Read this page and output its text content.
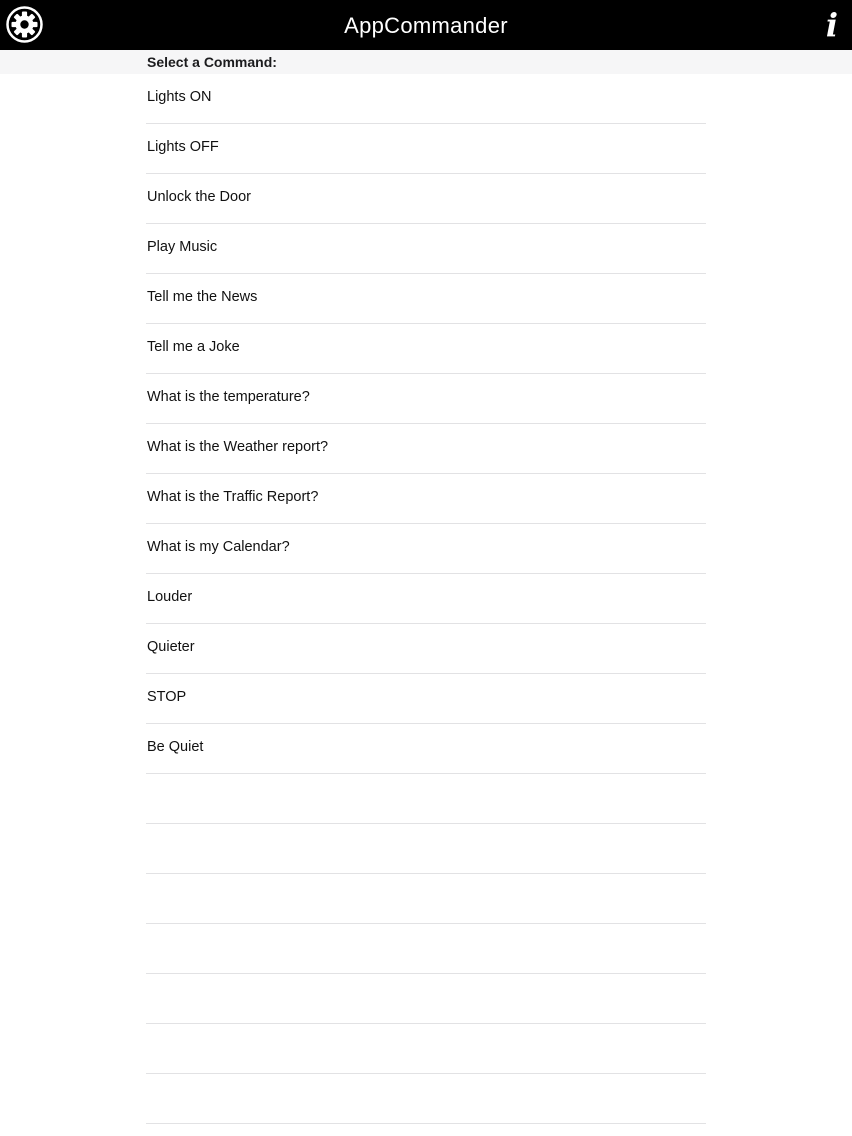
AppCommander	i
Select a Command:
Lights ON
Lights OFF
Unlock the Door
Play Music
Tell me the News
Tell me a Joke
What is the temperature?
What is the Weather report?
What is the Traffic Report?
What is my Calendar?
Louder
Quieter
STOP
Be Quiet
